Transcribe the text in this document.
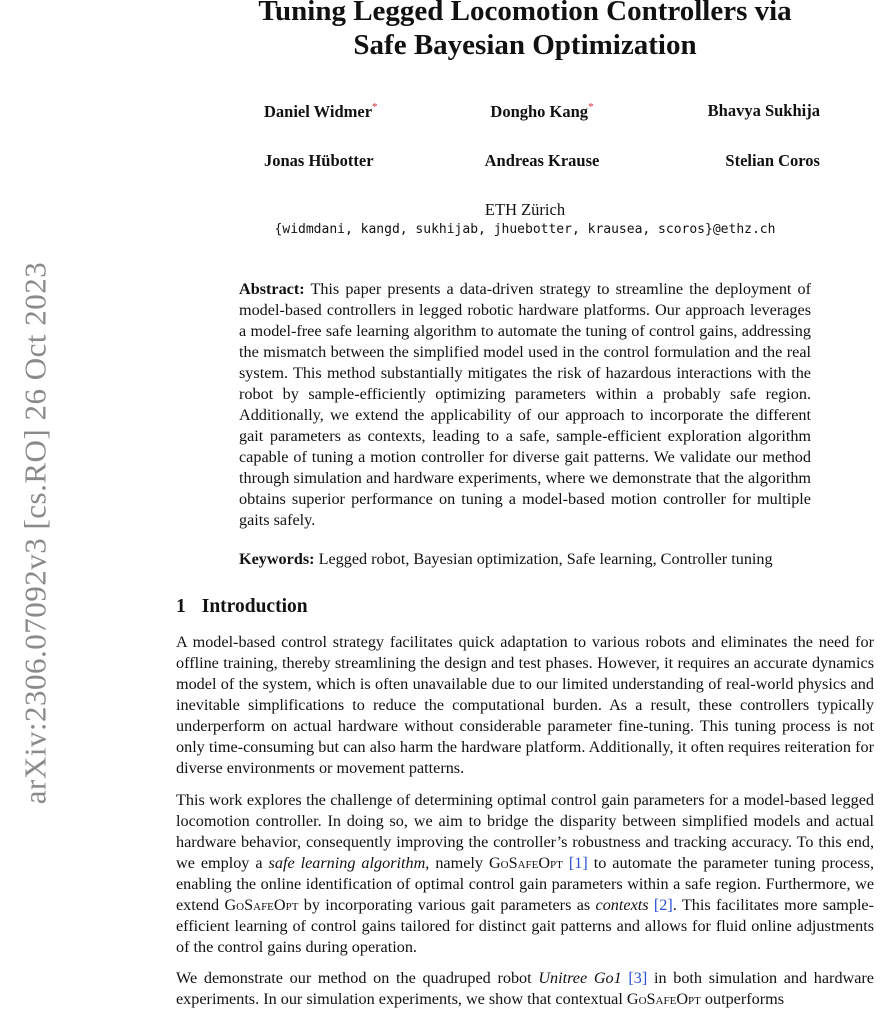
arXiv:2306.07092v3 [cs.RO] 26 Oct 2023
Tuning Legged Locomotion Controllers via
Safe Bayesian Optimization
Daniel Widmer*	Dongho Kang*	Bhavya Sukhija
Jonas Hübotter	Andreas Krause	Stelian Coros
ETH Zürich
{widmdani, kangd, sukhijab, jhuebotter, krausea, scoros}@ethz.ch

Abstract: This paper presents a data-driven strategy to streamline the deployment of model-based controllers in legged robotic hardware platforms. Our approach leverages a model-free safe learning algorithm to automate the tuning of control gains, addressing the mismatch between the simplified model used in the control formulation and the real system. This method substantially mitigates the risk of hazardous interactions with the robot by sample-efficiently optimizing parameters within a probably safe region. Additionally, we extend the applicability of our approach to incorporate the different gait parameters as contexts, leading to a safe, sample-efficient exploration algorithm capable of tuning a motion controller for diverse gait patterns. We validate our method through simulation and hardware experiments, where we demonstrate that the algorithm obtains superior performance on tuning a model-based motion controller for multiple gaits safely.

Keywords: Legged robot, Bayesian optimization, Safe learning, Controller tuning

1 Introduction

A model-based control strategy facilitates quick adaptation to various robots and eliminates the need for offline training, thereby streamlining the design and test phases. However, it requires an accurate dynamics model of the system, which is often unavailable due to our limited understanding of real-world physics and inevitable simplifications to reduce the computational burden. As a result, these controllers typically underperform on actual hardware without considerable parameter fine-tuning. This tuning process is not only time-consuming but can also harm the hardware platform. Additionally, it often requires reiteration for diverse environments or movement patterns.

This work explores the challenge of determining optimal control gain parameters for a model-based legged locomotion controller. In doing so, we aim to bridge the disparity between simplified models and actual hardware behavior, consequently improving the controller’s robustness and tracking accuracy. To this end, we employ a safe learning algorithm, namely GoSafeOpt [1] to automate the parameter tuning process, enabling the online identification of optimal control gain parameters within a safe region. Furthermore, we extend GoSafeOpt by incorporating various gait parameters as contexts [2]. This facilitates more sample-efficient learning of control gains tailored for distinct gait patterns and allows for fluid online adjustments of the control gains during operation.

We demonstrate our method on the quadruped robot Unitree Go1 [3] in both simulation and hardware experiments. In our simulation experiments, we show that contextual GoSafeOpt outperforms
